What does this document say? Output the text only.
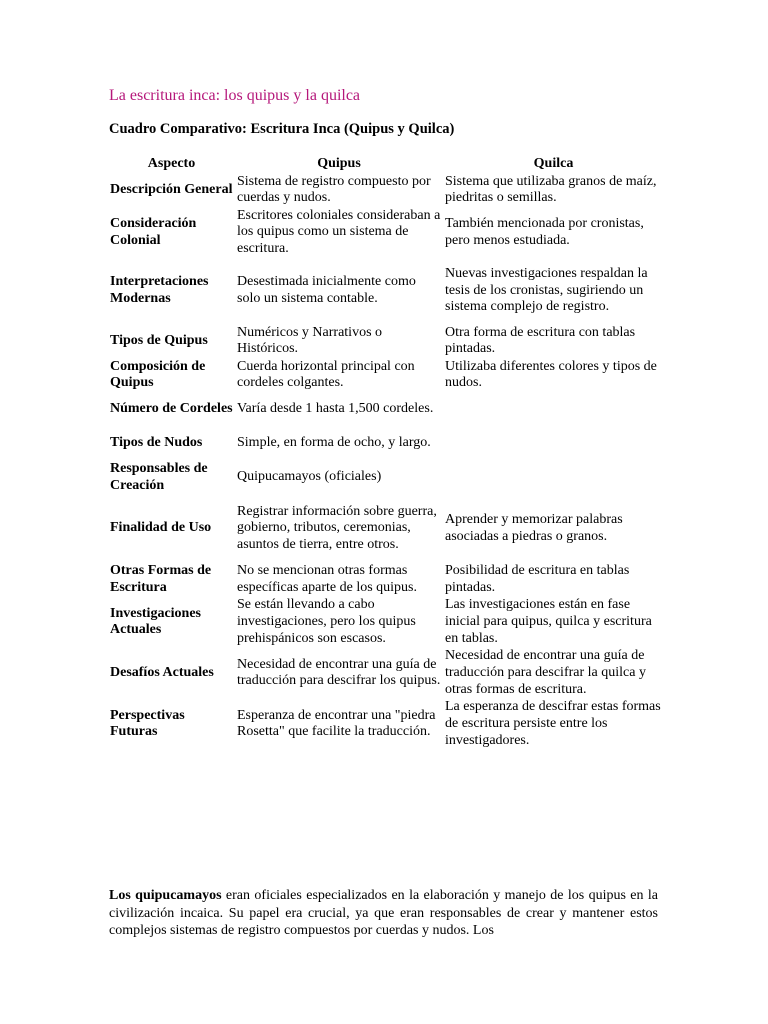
La escritura inca: los quipus y la quilca
Cuadro Comparativo: Escritura Inca (Quipus y Quilca)
Aspecto	Quipus	Quilca
Descripción General	Sistema de registro compuesto por cuerdas y nudos.	Sistema que utilizaba granos de maíz, piedritas o semillas.
Consideración Colonial	Escritores coloniales consideraban a los quipus como un sistema de escritura.	También mencionada por cronistas, pero menos estudiada.
Interpretaciones Modernas	Desestimada inicialmente como solo un sistema contable.	Nuevas investigaciones respaldan la tesis de los cronistas, sugiriendo un sistema complejo de registro.
Tipos de Quipus	Numéricos y Narrativos o Históricos.	Otra forma de escritura con tablas pintadas.
Composición de Quipus	Cuerda horizontal principal con cordeles colgantes.	Utilizaba diferentes colores y tipos de nudos.
Número de Cordeles	Varía desde 1 hasta 1,500 cordeles.	
Tipos de Nudos	Simple, en forma de ocho, y largo.	
Responsables de Creación	Quipucamayos (oficiales)	
Finalidad de Uso	Registrar información sobre guerra, gobierno, tributos, ceremonias, asuntos de tierra, entre otros.	Aprender y memorizar palabras asociadas a piedras o granos.
Otras Formas de Escritura	No se mencionan otras formas específicas aparte de los quipus.	Posibilidad de escritura en tablas pintadas.
Investigaciones Actuales	Se están llevando a cabo investigaciones, pero los quipus prehispánicos son escasos.	Las investigaciones están en fase inicial para quipus, quilca y escritura en tablas.
Desafíos Actuales	Necesidad de encontrar una guía de traducción para descifrar los quipus.	Necesidad de encontrar una guía de traducción para descifrar la quilca y otras formas de escritura.
Perspectivas Futuras	Esperanza de encontrar una "piedra Rosetta" que facilite la traducción.	La esperanza de descifrar estas formas de escritura persiste entre los investigadores.

Los quipucamayos eran oficiales especializados en la elaboración y manejo de los quipus en la civilización incaica. Su papel era crucial, ya que eran responsables de crear y mantener estos complejos sistemas de registro compuestos por cuerdas y nudos. Los
